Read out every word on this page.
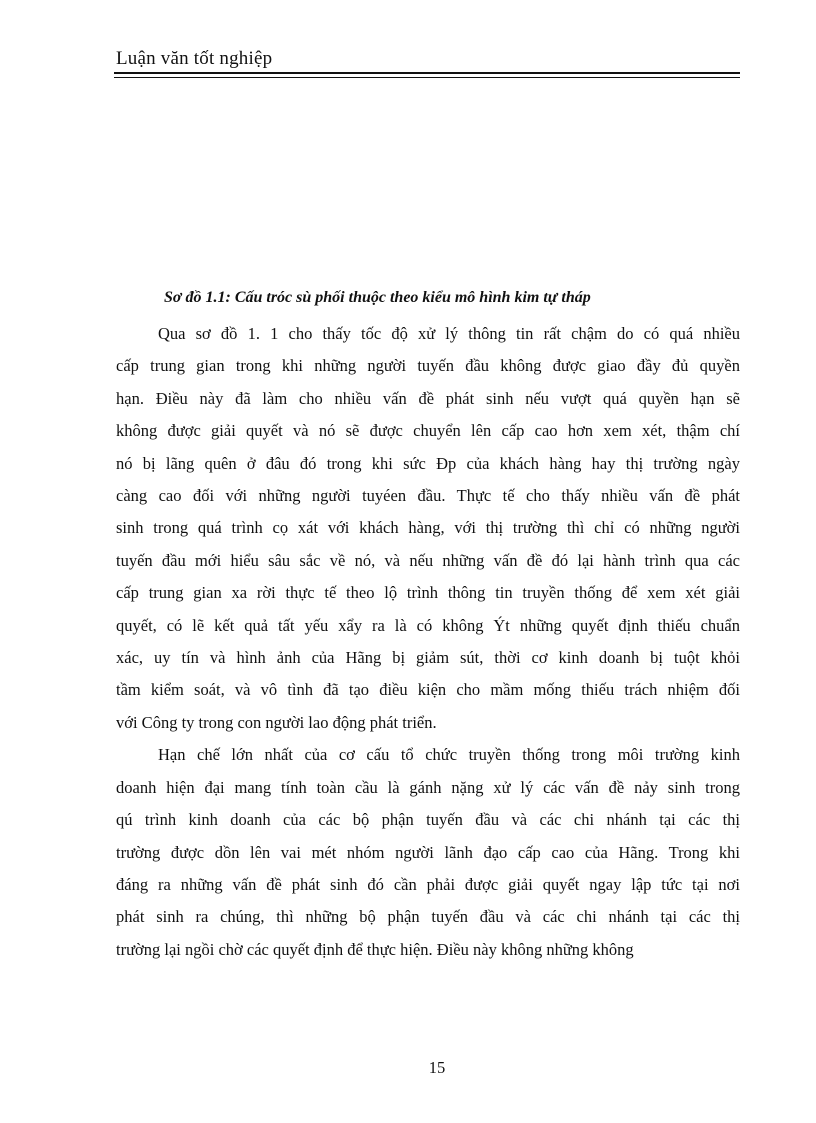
Luận văn tốt nghiệp
Sơ đồ 1.1: Cấu tróc sù phối thuộc theo kiểu mô hình kim tự tháp

Qua sơ đồ 1. 1 cho thấy tốc độ xử lý thông tin rất chậm do có quá nhiều
cấp trung gian trong khi những người tuyến đầu không được giao đầy đủ quyền
hạn. Điều này đã làm cho nhiều vấn đề phát sinh nếu vượt quá quyền hạn sẽ
không được giải quyết và nó sẽ được chuyển lên cấp cao hơn xem xét, thậm chí
nó bị lãng quên ở đâu đó trong khi sức Ðp của khách hàng hay thị trường ngày
càng cao đối với những người tuyéen đầu. Thực tế cho thấy nhiều vấn đề phát
sinh trong quá trình cọ xát với khách hàng, với thị trường thì chỉ có những người
tuyến đầu mới hiểu sâu sắc về nó, và nếu những vấn đề đó lại hành trình qua các
cấp trung gian xa rời thực tế theo lộ trình thông tin truyền thống để xem xét giải
quyết, có lẽ kết quả tất yếu xẩy ra là có không Ýt những quyết định thiếu chuẩn
xác, uy tín và hình ảnh của Hãng bị giảm sút, thời cơ kinh doanh bị tuột khỏi
tầm kiểm soát, và vô tình đã tạo điều kiện cho mầm mống thiếu trách nhiệm đối
với Công ty trong con người lao động phát triển.

Hạn chế lớn nhất của cơ cấu tổ chức truyền thống trong môi trường kinh
doanh hiện đại mang tính toàn cầu là gánh nặng xử lý các vấn đề nảy sinh trong
qú trình kinh doanh của các bộ phận tuyến đầu và các chi nhánh tại các thị
trường được dồn lên vai mét nhóm người lãnh đạo cấp cao của Hãng. Trong khi
đáng ra những vấn đề phát sinh đó cần phải được giải quyết ngay lập tức tại nơi
phát sinh ra chúng, thì những bộ phận tuyến đầu và các chi nhánh tại các thị
trường lại ngồi chờ các quyết định để thực hiện. Điều này không những không

15
